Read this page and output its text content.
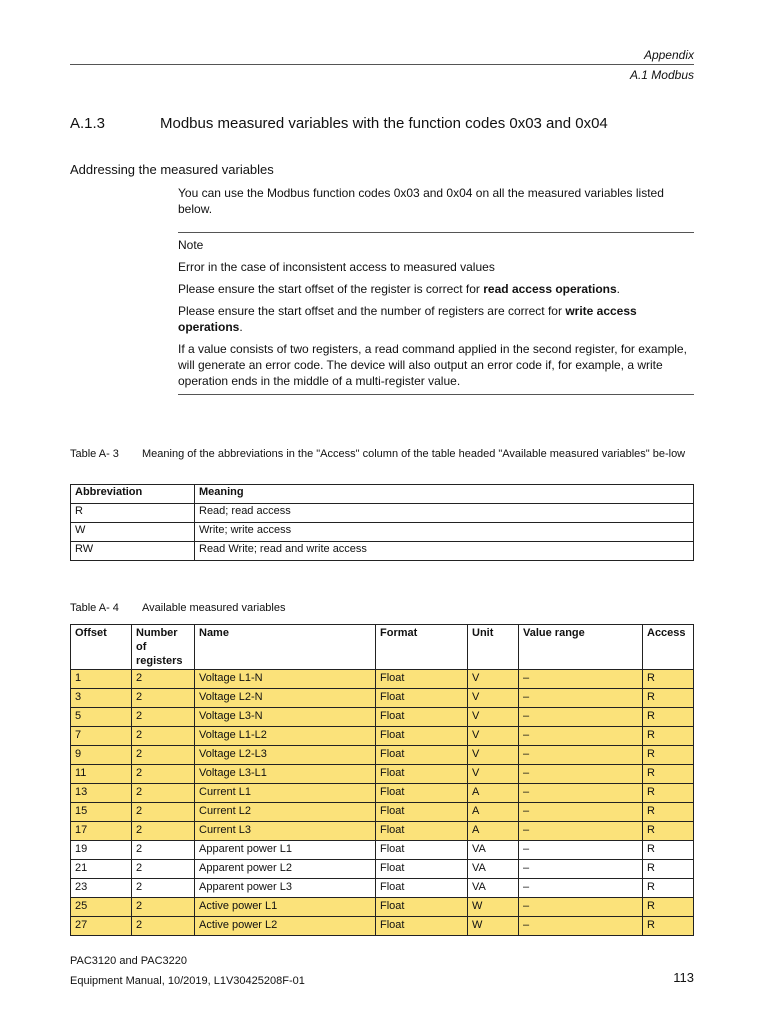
Appendix
A.1 Modbus
A.1.3	Modbus measured variables with the function codes 0x03 and 0x04
Addressing the measured variables
You can use the Modbus function codes 0x03 and 0x04 on all the measured variables listed below.

Note

Error in the case of inconsistent access to measured values

Please ensure the start offset of the register is correct for read access operations.

Please ensure the start offset and the number of registers are correct for write access operations.

If a value consists of two registers, a read command applied in the second register, for example, will generate an error code. The device will also output an error code if, for example, a write operation ends in the middle of a multi-register value.

Table A- 3 Meaning of the abbreviations in the "Access" column of the table headed "Available measured variables" be-low
Abbreviation	Meaning
R	Read; read access
W	Write; write access
RW	Read Write; read and write access
Table A- 4 Available measured variables
Offset	Number of registers	Name	Format	Unit	Value range	Access
1	2	Voltage L1-N	Float	V	–	R
3	2	Voltage L2-N	Float	V	–	R
5	2	Voltage L3-N	Float	V	–	R
7	2	Voltage L1-L2	Float	V	–	R
9	2	Voltage L2-L3	Float	V	–	R
11	2	Voltage L3-L1	Float	V	–	R
13	2	Current L1	Float	A	–	R
15	2	Current L2	Float	A	–	R
17	2	Current L3	Float	A	–	R
19	2	Apparent power L1	Float	VA	–	R
21	2	Apparent power L2	Float	VA	–	R
23	2	Apparent power L3	Float	VA	–	R
25	2	Active power L1	Float	W	–	R
27	2	Active power L2	Float	W	–	R
PAC3120 and PAC3220
Equipment Manual, 10/2019, L1V30425208F-01	113
